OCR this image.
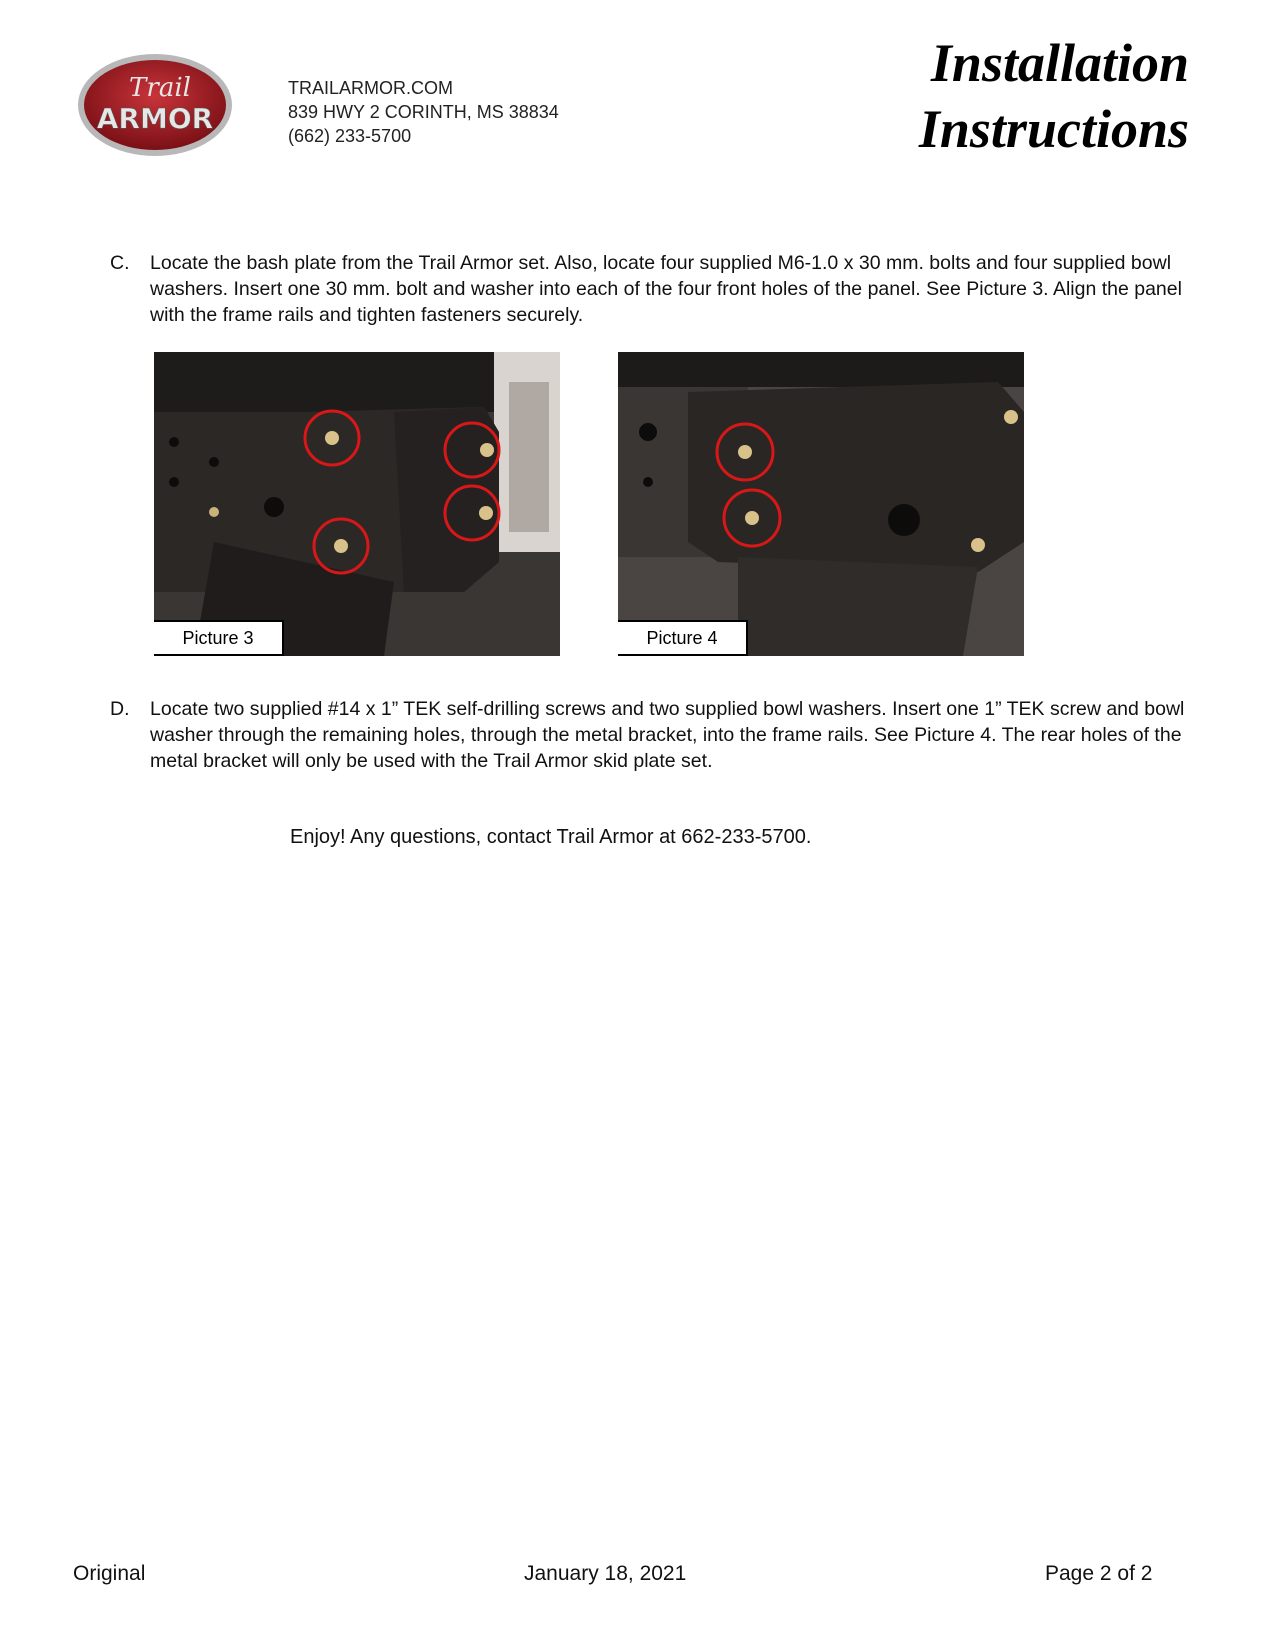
Trail
ARMOR
TRAILARMOR.COM
839 HWY 2 CORINTH, MS 38834
(662) 233-5700
Installation
Instructions
C. Locate the bash plate from the Trail Armor set. Also, locate four supplied M6-1.0 x 30 mm. bolts and four supplied bowl washers. Insert one 30 mm. bolt and washer into each of the four front holes of the panel. See Picture 3. Align the panel with the frame rails and tighten fasteners securely.
Picture 3	Picture 4
D. Locate two supplied #14 x 1” TEK self-drilling screws and two supplied bowl washers. Insert one 1” TEK screw and bowl washer through the remaining holes, through the metal bracket, into the frame rails. See Picture 4. The rear holes of the metal bracket will only be used with the Trail Armor skid plate set.
Enjoy! Any questions, contact Trail Armor at 662-233-5700.
Original	January 18, 2021	Page 2 of 2
